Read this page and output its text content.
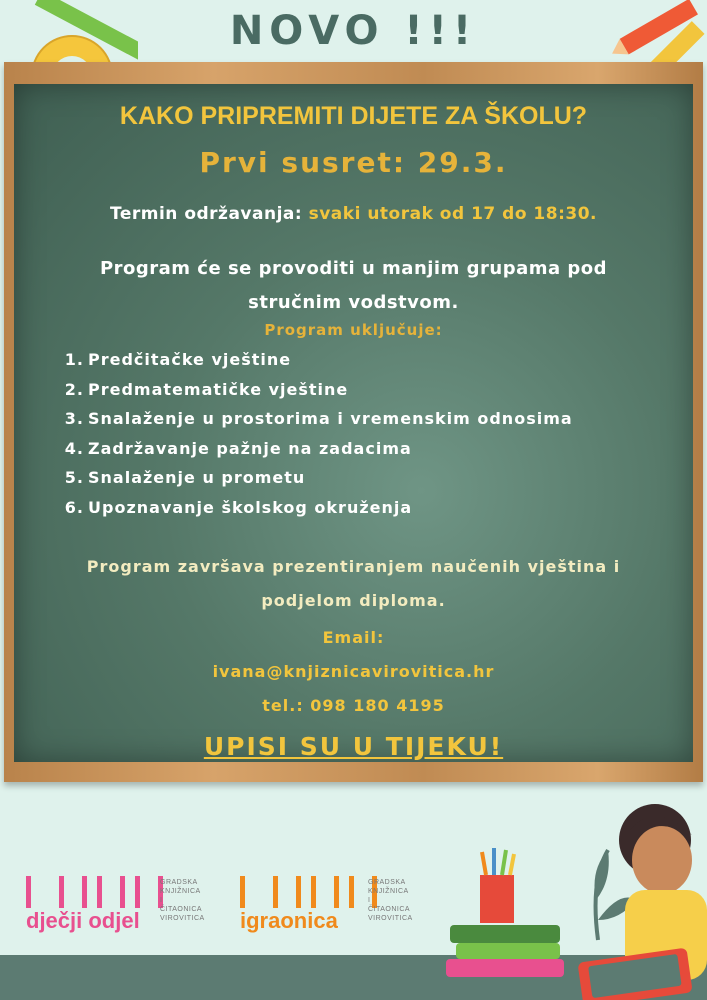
NOVO !!!
KAKO PRIPREMITI DIJETE ZA ŠKOLU?
Prvi susret: 29.3.
Termin održavanja: svaki utorak od 17 do 18:30.
Program će se provoditi u manjim grupama pod
stručnim vodstvom.
Program uključuje:
1. Predčitačke vještine
2. Predmatematičke vještine
3. Snalaženje u prostorima i vremenskim odnosima
4. Zadržavanje pažnje na zadacima
5. Snalaženje u prometu
6. Upoznavanje školskog okruženja
Program završava prezentiranjem naučenih vještina i
podjelom diploma.
Email:
ivana@knjiznicavirovitica.hr
tel.: 098 180 4195
UPISI SU U TIJEKU!
dječji odjel
GRADSKA
KNJIŽNICA I
ČITAONICA
VIROVITICA igraonica
GRADSKA
KNJIŽNICA I
ČITAONICA
VIROVITICA
